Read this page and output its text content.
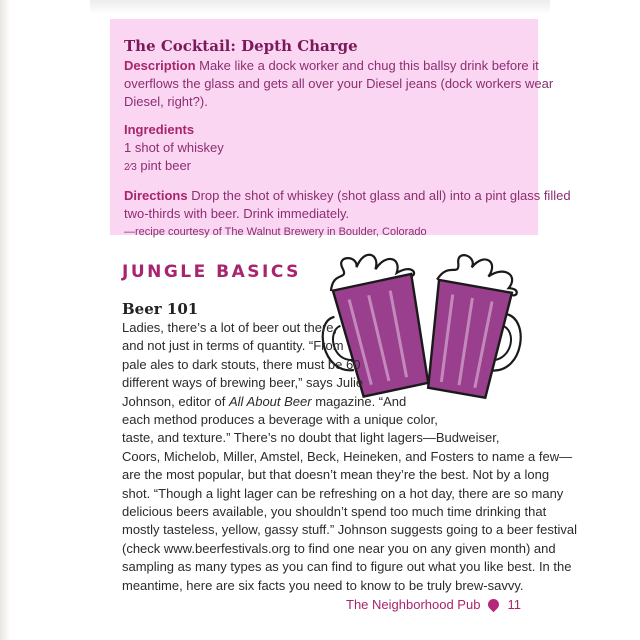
The Cocktail: Depth Charge

Description Make like a dock worker and chug this ballsy drink before it
overflows the glass and gets all over your Diesel jeans (dock workers wear
Diesel, right?).

Ingredients
1 shot of whiskey
2⁄3 pint beer

Directions Drop the shot of whiskey (shot glass and all) into a pint glass filled
two-thirds with beer. Drink immediately.

—recipe courtesy of The Walnut Brewery in Boulder, Colorado

JUNGLE BASICS
Beer 101

Ladies, there’s a lot of beer out there,
and not just in terms of quantity. “From
pale ales to dark stouts, there must be 60
different ways of brewing beer,” says Julie
Johnson, editor of All About Beer magazine. “And
each method produces a beverage with a unique color,
taste, and texture.” There’s no doubt that light lagers—Budweiser,
Coors, Michelob, Miller, Amstel, Beck, Heineken, and Fosters to name a few—
are the most popular, but that doesn’t mean they’re the best. Not by a long
shot. “Though a light lager can be refreshing on a hot day, there are so many
delicious beers available, you shouldn’t spend too much time drinking that
mostly tasteless, yellow, gassy stuff.” Johnson suggests going to a beer festival
(check www.beerfestivals.org to find one near you on any given month) and
sampling as many types as you can find to figure out what you like best. In the
meantime, here are six facts you need to know to be truly brew-savvy.

The Neighborhood Pub 11
